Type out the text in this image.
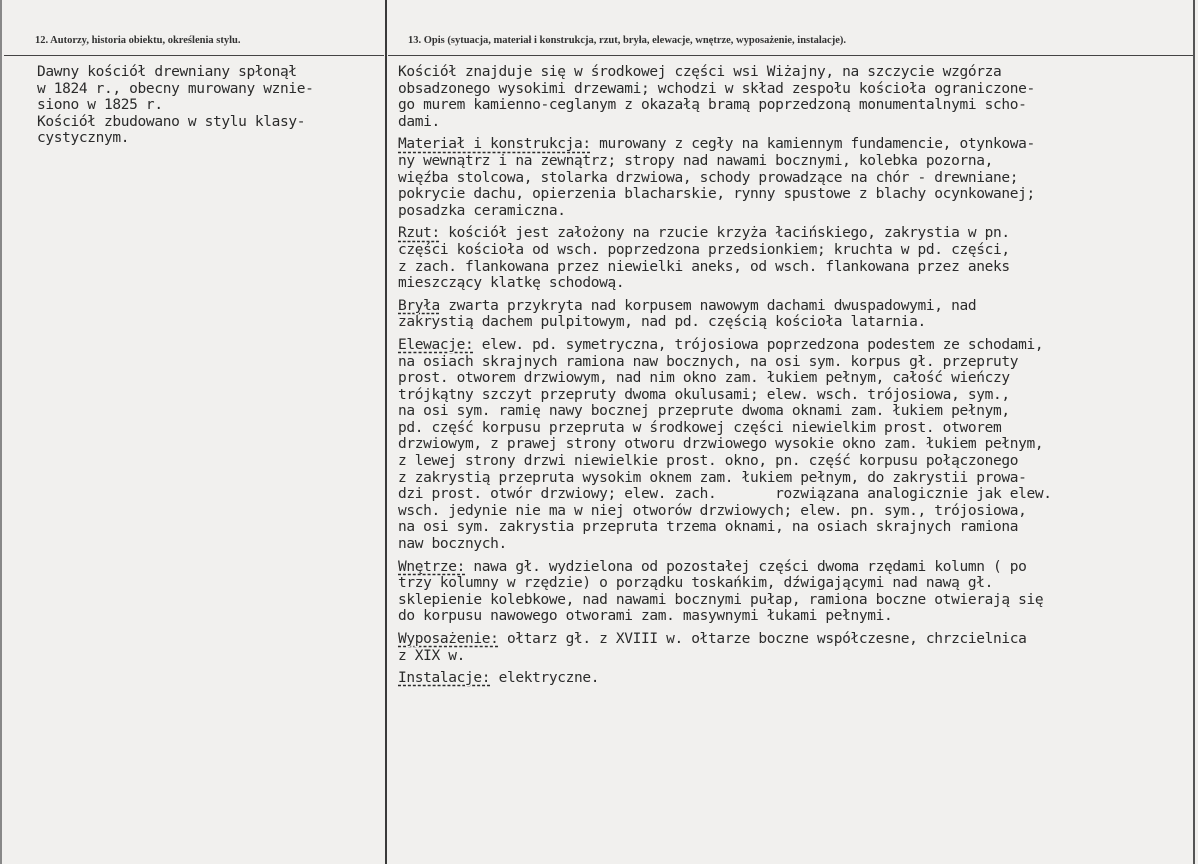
12. Autorzy, historia obiektu, określenia stylu.	13. Opis (sytuacja, materiał i konstrukcja, rzut, bryła, elewacje, wnętrze, wyposażenie, instalacje).
Dawny kościół drewniany spłonął
w 1824 r., obecny murowany wznie-
siono w 1825 r.
Kościół zbudowano w stylu klasy-
cystycznym.
Kościół znajduje się w środkowej części wsi Wiżajny, na szczycie wzgórza
obsadzonego wysokimi drzewami; wchodzi w skład zespołu kościoła ograniczone-
go murem kamienno-ceglanym z okazałą bramą poprzedzoną monumentalnymi scho-
dami.
Materiał i konstrukcja: murowany z cegły na kamiennym fundamencie, otynkowa-
ny wewnątrz i na zewnątrz; stropy nad nawami bocznymi, kolebka pozorna,
więźba stolcowa, stolarka drzwiowa, schody prowadzące na chór - drewniane;
pokrycie dachu, opierzenia blacharskie, rynny spustowe z blachy ocynkowanej;
posadzka ceramiczna.
Rzut: kościół jest założony na rzucie krzyża łacińskiego, zakrystia w pn.
części kościoła od wsch. poprzedzona przedsionkiem; kruchta w pd. części,
z zach. flankowana przez niewielki aneks, od wsch. flankowana przez aneks
mieszczący klatkę schodową.
Bryła zwarta przykryta nad korpusem nawowym dachami dwuspadowymi, nad
zakrystią dachem pulpitowym, nad pd. częścią kościoła latarnia.
Elewacje: elew. pd. symetryczna, trójosiowa poprzedzona podestem ze schodami,
na osiach skrajnych ramiona naw bocznych, na osi sym. korpus gł. przepruty
prost. otworem drzwiowym, nad nim okno zam. łukiem pełnym, całość wieńczy
trójkątny szczyt przepruty dwoma okulusami; elew. wsch. trójosiowa, sym.,
na osi sym. ramię nawy bocznej przeprute dwoma oknami zam. łukiem pełnym,
pd. część korpusu przepruta w środkowej części niewielkim prost. otworem
drzwiowym, z prawej strony otworu drzwiowego wysokie okno zam. łukiem pełnym,
z lewej strony drzwi niewielkie prost. okno, pn. część korpusu połączonego
z zakrystią przepruta wysokim oknem zam. łukiem pełnym, do zakrystii prowa-
dzi prost. otwór drzwiowy; elew. zach.       rozwiązana analogicznie jak elew.
wsch. jedynie nie ma w niej otworów drzwiowych; elew. pn. sym., trójosiowa,
na osi sym. zakrystia przepruta trzema oknami, na osiach skrajnych ramiona
naw bocznych.
Wnętrze: nawa gł. wydzielona od pozostałej części dwoma rzędami kolumn ( po
trzy kolumny w rzędzie) o porządku toskańkim, dźwigającymi nad nawą gł.
sklepienie kolebkowe, nad nawami bocznymi pułap, ramiona boczne otwierają się
do korpusu nawowego otworami zam. masywnymi łukami pełnymi.
Wyposażenie: ołtarz gł. z XVIII w. ołtarze boczne współczesne, chrzcielnica
z XIX w.
Instalacje: elektryczne.
